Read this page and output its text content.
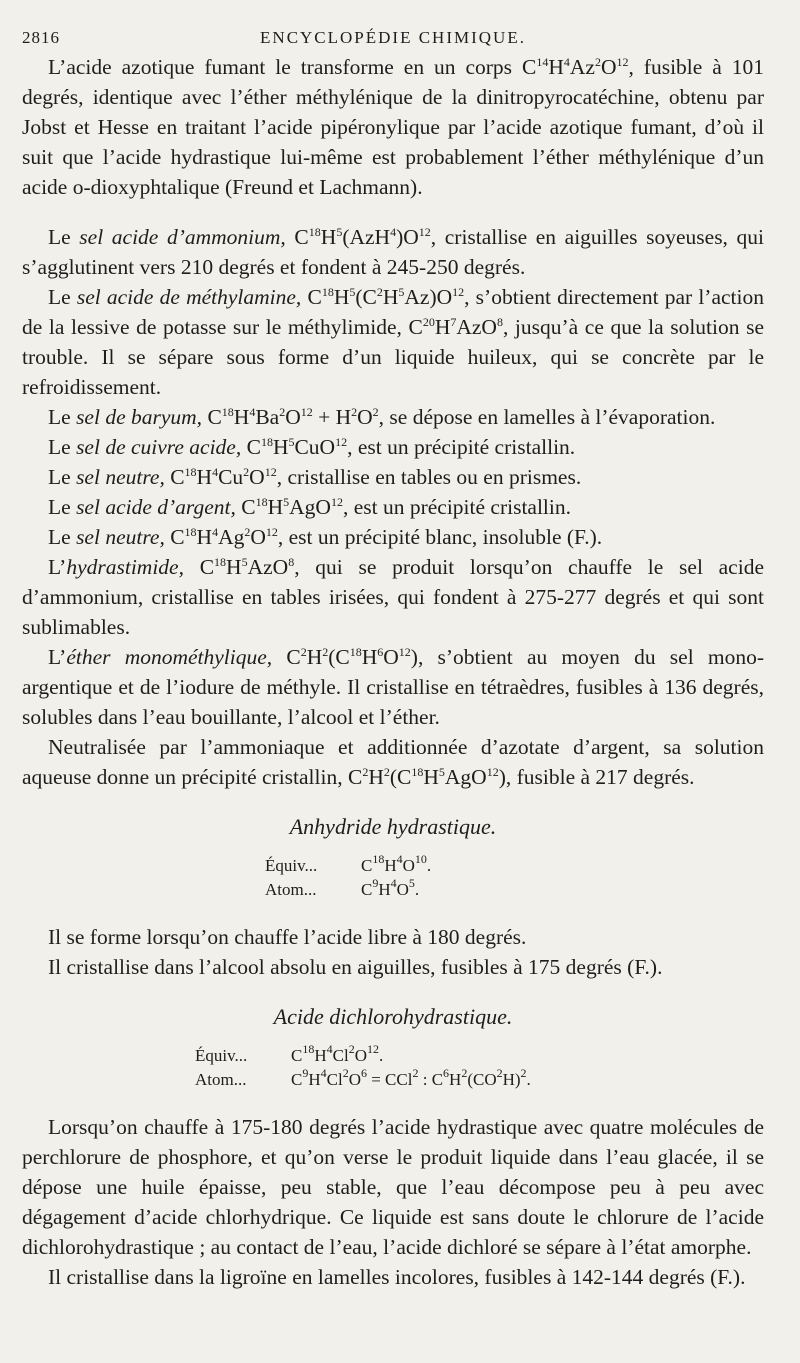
2816	ENCYCLOPÉDIE CHIMIQUE.

L’acide azotique fumant le transforme en un corps $C^{14}H^4Az^2O^{12}$, fusible à 101 degrés, identique avec l’éther méthylénique de la dinitropyrocatéchine, obtenu par Jobst et Hesse en traitant l’acide pipéronylique par l’acide azotique fumant, d’où il suit que l’acide hydrastique lui-même est probablement l’éther méthylénique d’un acide o-dioxyphtalique (Freund et Lachmann).

Le sel acide d’ammonium, $C^{18}H^5(AzH^4)O^{12}$, cristallise en aiguilles soyeuses, qui s’agglutinent vers 210 degrés et fondent à 245-250 degrés.

Le sel acide de méthylamine, $C^{18}H^5(C^2H^5Az)O^{12}$, s’obtient directement par l’action de la lessive de potasse sur le méthylimide, $C^{20}H^7AzO^8$, jusqu’à ce que la solution se trouble. Il se sépare sous forme d’un liquide huileux, qui se concrète par le refroidissement.

Le sel de baryum, $C^{18}H^4Ba^2O^{12} + H^2O^2$, se dépose en lamelles à l’évaporation.

Le sel de cuivre acide, $C^{18}H^5CuO^{12}$, est un précipité cristallin.

Le sel neutre, $C^{18}H^4Cu^2O^{12}$, cristallise en tables ou en prismes.

Le sel acide d’argent, $C^{18}H^5AgO^{12}$, est un précipité cristallin.

Le sel neutre, $C^{18}H^4Ag^2O^{12}$, est un précipité blanc, insoluble (F.).

L’hydrastimide, $C^{18}H^5AzO^8$, qui se produit lorsqu’on chauffe le sel acide d’ammonium, cristallise en tables irisées, qui fondent à 275-277 degrés et qui sont sublimables.

L’éther monométhylique, $C^2H^2(C^{18}H^6O^{12})$, s’obtient au moyen du sel mono-argentique et de l’iodure de méthyle. Il cristallise en tétraèdres, fusibles à 136 degrés, solubles dans l’eau bouillante, l’alcool et l’éther.

Neutralisée par l’ammoniaque et additionnée d’azotate d’argent, sa solution aqueuse donne un précipité cristallin, $C^2H^2(C^{18}H^5AgO^{12})$, fusible à 217 degrés.

Anhydride hydrastique.
Équiv...	$C^{18}H^4O^{10}$.
Atom...	$C^9H^4O^5$.

Il se forme lorsqu’on chauffe l’acide libre à 180 degrés.

Il cristallise dans l’alcool absolu en aiguilles, fusibles à 175 degrés (F.).

Acide dichlorohydrastique.
Équiv...	$C^{18}H^4Cl^2O^{12}$.
Atom...	$C^9H^4Cl^2O^6 = CCl^2$ : $C^6H^2(CO^2H)^2$.

Lorsqu’on chauffe à 175-180 degrés l’acide hydrastique avec quatre molécules de perchlorure de phosphore, et qu’on verse le produit liquide dans l’eau glacée, il se dépose une huile épaisse, peu stable, que l’eau décompose peu à peu avec dégagement d’acide chlorhydrique. Ce liquide est sans doute le chlorure de l’acide dichlorohydrastique ; au contact de l’eau, l’acide dichloré se sépare à l’état amorphe.

Il cristallise dans la ligroïne en lamelles incolores, fusibles à 142-144 degrés (F.).
